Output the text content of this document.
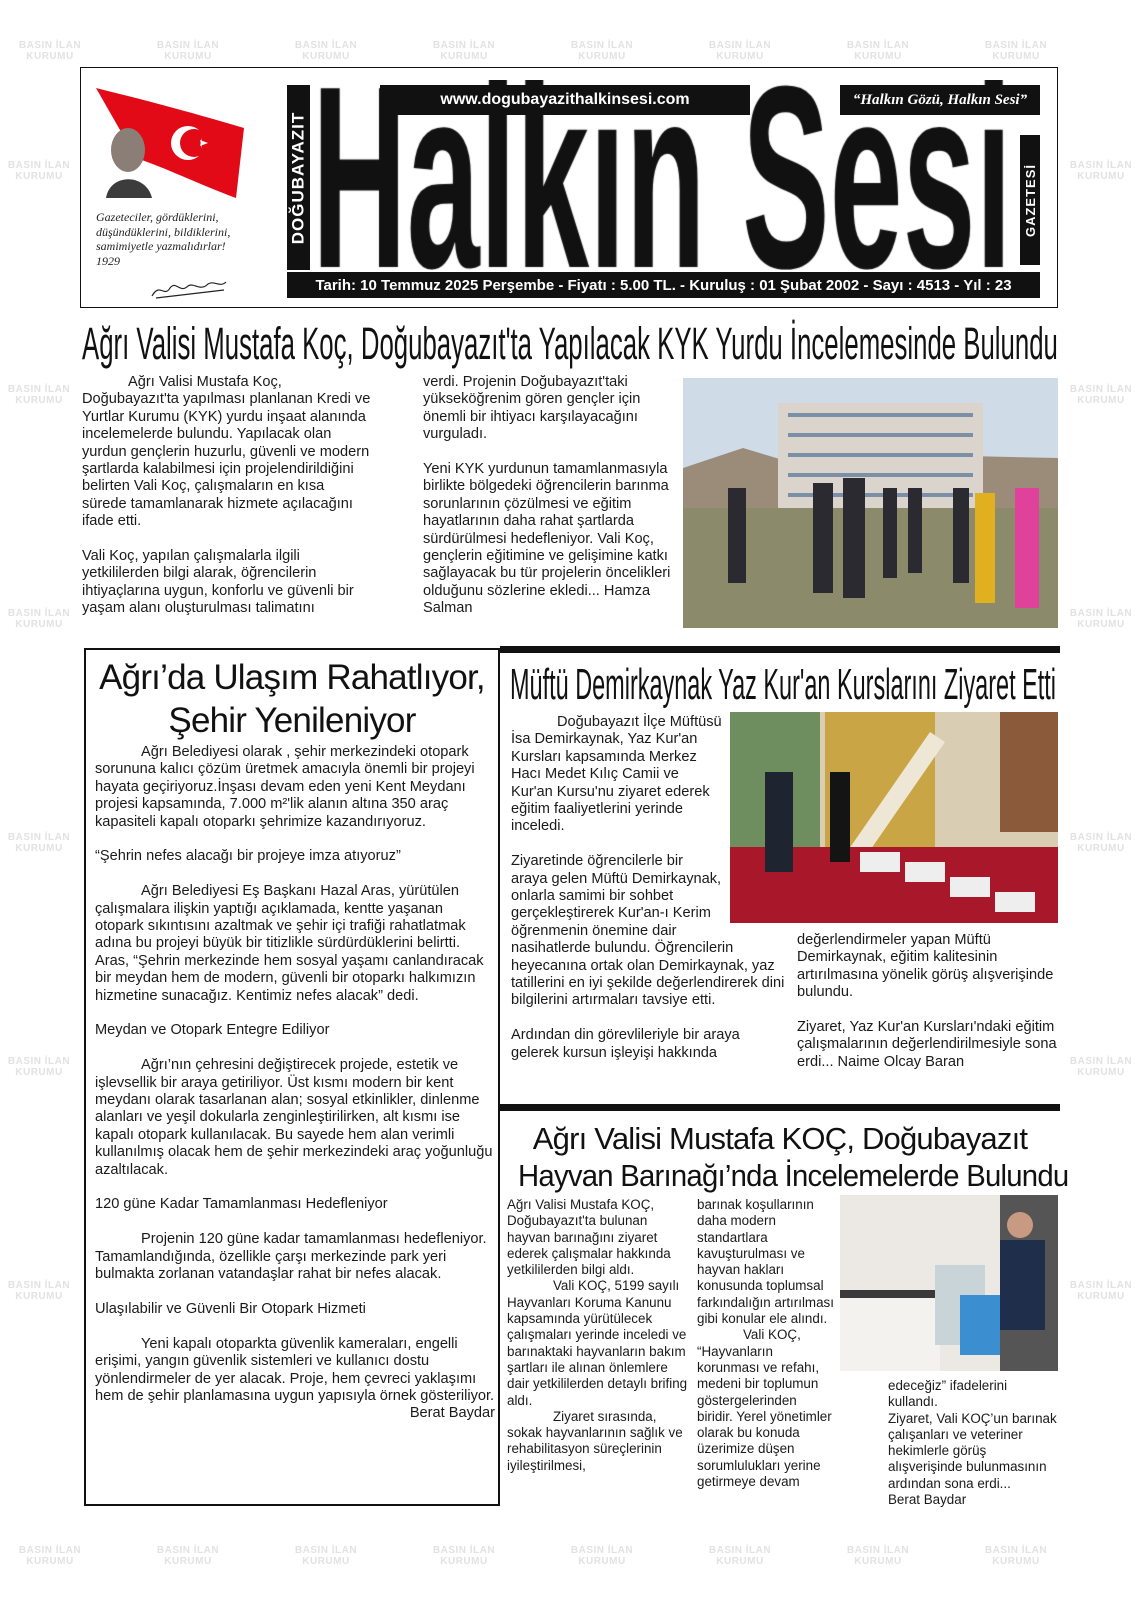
BASIN İLAN
KURUMU
BASIN İLAN
KURUMU
BASIN İLAN
KURUMU
BASIN İLAN
KURUMU
BASIN İLAN
KURUMU
BASIN İLAN
KURUMU
BASIN İLAN
KURUMU
BASIN İLAN
KURUMU
BASIN İLAN
KURUMU
BASIN İLAN
KURUMU
BASIN İLAN
KURUMU
BASIN İLAN
KURUMU
BASIN İLAN
KURUMU
BASIN İLAN
KURUMU
BASIN İLAN
KURUMU
BASIN İLAN
KURUMU
BASIN İLAN
KURUMU
BASIN İLAN
KURUMU
BASIN İLAN
KURUMU
BASIN İLAN
KURUMU
BASIN İLAN
KURUMU
BASIN İLAN
KURUMU
BASIN İLAN
KURUMU
BASIN İLAN
KURUMU
BASIN İLAN
KURUMU
BASIN İLAN
KURUMU
BASIN İLAN
KURUMU
BASIN İLAN
KURUMU
Gazeteciler, gördüklerini,
düşündüklerini, bildiklerini,
samimiyetle yazmalıdırlar!
1929
DOĞUBAYAZIT
www.dogubayazithalkinsesi.com	“Halkın Gözü, Halkın Sesi”
GAZETESİ
Tarih: 10 Temmuz 2025 Perşembe - Fiyatı : 5.00 TL. - Kuruluş : 01 Şubat 2002 - Sayı : 4513 - Yıl : 23
Ağrı Valisi Mustafa Koç, Doğubayazıt'ta Yapılacak KYK Yurdu İncelemesinde Bulundu

Ağrı Valisi Mustafa Koç, Doğubayazıt'ta yapılması planlanan Kredi ve Yurtlar Kurumu (KYK) yurdu inşaat alanında incelemelerde bulundu. Yapılacak olan yurdun gençlerin huzurlu, güvenli ve modern şartlarda kalabilmesi için projelendirildiğini belirten Vali Koç, çalışmaların en kısa sürede tamamlanarak hizmete açılacağını ifade etti.

Vali Koç, yapılan çalışmalarla ilgili yetkililerden bilgi alarak, öğrencilerin ihtiyaçlarına uygun, konforlu ve güvenli bir yaşam alanı oluşturulması talimatını

verdi. Projenin Doğubayazıt'taki yükseköğrenim gören gençler için önemli bir ihtiyacı karşılayacağını vurguladı.

Yeni KYK yurdunun tamamlanmasıyla birlikte bölgedeki öğrencilerin barınma sorunlarının çözülmesi ve eğitim hayatlarının daha rahat şartlarda sürdürülmesi hedefleniyor. Vali Koç, gençlerin eğitimine ve gelişimine katkı sağlayacak bu tür projelerin öncelikleri olduğunu sözlerine ekledi... Hamza Salman

Ağrı’da Ulaşım Rahatlıyor,
Şehir Yenileniyor

Ağrı Belediyesi olarak , şehir merkezindeki otopark sorununa kalıcı çözüm üretmek amacıyla önemli bir projeyi hayata geçiriyoruz.İnşası devam eden yeni Kent Meydanı projesi kapsamında, 7.000 m²'lik alanın altına 350 araç kapasiteli kapalı otoparkı şehrimize kazandırıyoruz.

“Şehrin nefes alacağı bir projeye imza atıyoruz”

Ağrı Belediyesi Eş Başkanı Hazal Aras, yürütülen çalışmalara ilişkin yaptığı açıklamada, kentte yaşanan otopark sıkıntısını azaltmak ve şehir içi trafiği rahatlatmak adına bu projeyi büyük bir titizlikle sürdürdüklerini belirtti. Aras, “Şehrin merkezinde hem sosyal yaşamı canlandıracak bir meydan hem de modern, güvenli bir otoparkı halkımızın hizmetine sunacağız. Kentimiz nefes alacak” dedi.

Meydan ve Otopark Entegre Ediliyor

Ağrı’nın çehresini değiştirecek projede, estetik ve işlevsellik bir araya getiriliyor. Üst kısmı modern bir kent meydanı olarak tasarlanan alan; sosyal etkinlikler, dinlenme alanları ve yeşil dokularla zenginleştirilirken, alt kısmı ise kapalı otopark kullanılacak. Bu sayede hem alan verimli kullanılmış olacak hem de şehir merkezindeki araç yoğunluğu azaltılacak.

120 güne Kadar Tamamlanması Hedefleniyor

Projenin 120 güne kadar tamamlanması hedefleniyor. Tamamlandığında, özellikle çarşı merkezinde park yeri bulmakta zorlanan vatandaşlar rahat bir nefes alacak.

Ulaşılabilir ve Güvenli Bir Otopark Hizmeti

Yeni kapalı otoparkta güvenlik kameraları, engelli erişimi, yangın güvenlik sistemleri ve kullanıcı dostu yönlendirmeler de yer alacak. Proje, hem çevreci yaklaşımı hem de şehir planlamasına uygun yapısıyla örnek gösteriliyor.

Berat Baydar
Müftü Demirkaynak Yaz Kur'an Kurslarını Ziyaret Etti

Doğubayazıt İlçe Müftüsü İsa Demirkaynak, Yaz Kur'an Kursları kapsamında Merkez Hacı Medet Kılıç Camii ve Kur'an Kursu'nu ziyaret ederek eğitim faaliyetlerini yerinde inceledi.

Ziyaretinde öğrencilerle bir araya gelen Müftü Demirkaynak, onlarla samimi bir sohbet gerçekleştirerek Kur'an-ı Kerim öğrenmenin önemine dair nasihatlerde bulundu. Öğrencilerin heyecanına ortak olan Demirkaynak, yaz tatillerini en iyi şekilde değerlendirerek dini bilgilerini artırmaları tavsiye etti.

Ardından din görevlileriyle bir araya gelerek kursun işleyişi hakkında

değerlendirmeler yapan Müftü Demirkaynak, eğitim kalitesinin artırılmasına yönelik görüş alışverişinde bulundu.

Ziyaret, Yaz Kur'an Kursları'ndaki eğitim çalışmalarının değerlendirilmesiyle sona erdi... Naime Olcay Baran

Ağrı Valisi Mustafa KOÇ, Doğubayazıt
Hayvan Barınağı’nda İncelemelerde Bulundu

Ağrı Valisi Mustafa KOÇ, Doğubayazıt'ta bulunan hayvan barınağını ziyaret ederek çalışmalar hakkında yetkililerden bilgi aldı.

Vali KOÇ, 5199 sayılı Hayvanları Koruma Kanunu kapsamında yürütülecek çalışmaları yerinde inceledi ve barınaktaki hayvanların bakım şartları ile alınan önlemlere dair yetkililerden detaylı brifing aldı.

Ziyaret sırasında, sokak hayvanlarının sağlık ve rehabilitasyon süreçlerinin iyileştirilmesi,

barınak koşullarının daha modern standartlara kavuşturulması ve hayvan hakları konusunda toplumsal farkındalığın artırılması gibi konular ele alındı.

Vali KOÇ, “Hayvanların korunması ve refahı, medeni bir toplumun göstergelerinden biridir. Yerel yönetimler olarak bu konuda üzerimize düşen sorumlulukları yerine getirmeye devam

edeceğiz” ifadelerini kullandı.

Ziyaret, Vali KOÇ’un barınak çalışanları ve veteriner hekimlerle görüş alışverişinde bulunmasının ardından sona erdi...

Berat Baydar
